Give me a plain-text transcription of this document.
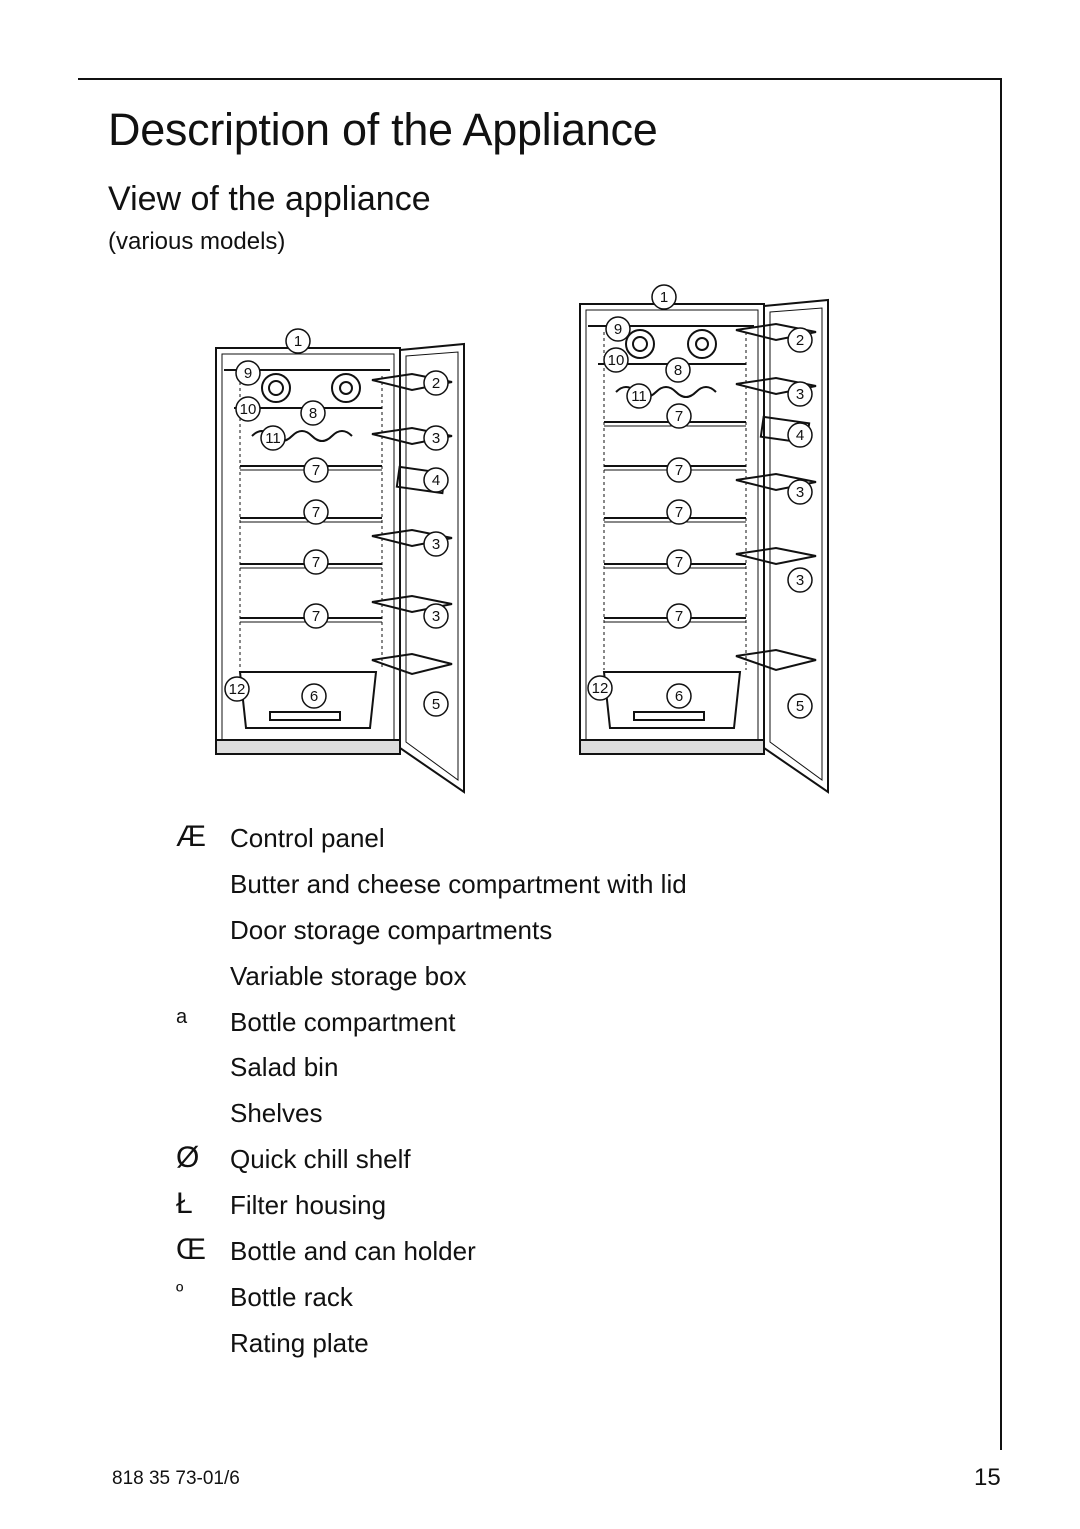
Description of the Appliance
View of the appliance
(various models)
1
9
2
10	8
11	3
7
4
7
3
7
7	3
12	6	5
1
9
2
10
8
11	3
7
4
7
3
7
7
3
7
12	6
5
Æ Control panel
Butter and cheese compartment with lid
Door storage compartments
Variable storage box
a	Bottle compartment
Salad bin
Shelves
Ø	Quick chill shelf
Ł	Filter housing
Œ Bottle and can holder
º	Bottle rack
Rating plate
818 35 73-01/6	15
